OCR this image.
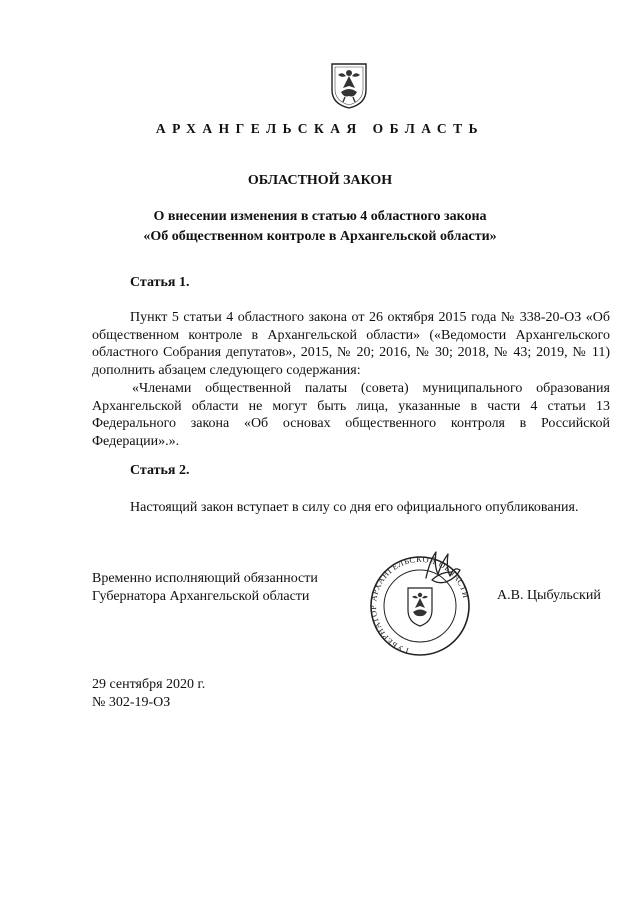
АРХАНГЕЛЬСКАЯ ОБЛАСТЬ
ОБЛАСТНОЙ ЗАКОН
О внесении изменения в статью 4 областного закона
«Об общественном контроле в Архангельской области»
Статья 1.

Пункт 5 статьи 4 областного закона от 26 октября 2015 года № 338-20-ОЗ «Об общественном контроле в Архангельской области» («Ведомости Архангельского областного Собрания депутатов», 2015, № 20; 2016, № 30; 2018, № 43; 2019, № 11) дополнить абзацем следующего содержания:

«Членами общественной палаты (совета) муниципального образования Архангельской области не могут быть лица, указанные в части 4 статьи 13 Федерального закона «Об основах общественного контроля в Российской Федерации».».

Статья 2.

Настоящий закон вступает в силу со дня его официального опубликования.

Временно исполняющий обязанности
Губернатора Архангельской области
ГУБЕРНАТОР АРХАНГЕЛЬСКОЙ ОБЛАСТИ А.В. Цыбульский
29 сентября 2020 г.
№ 302-19-ОЗ
